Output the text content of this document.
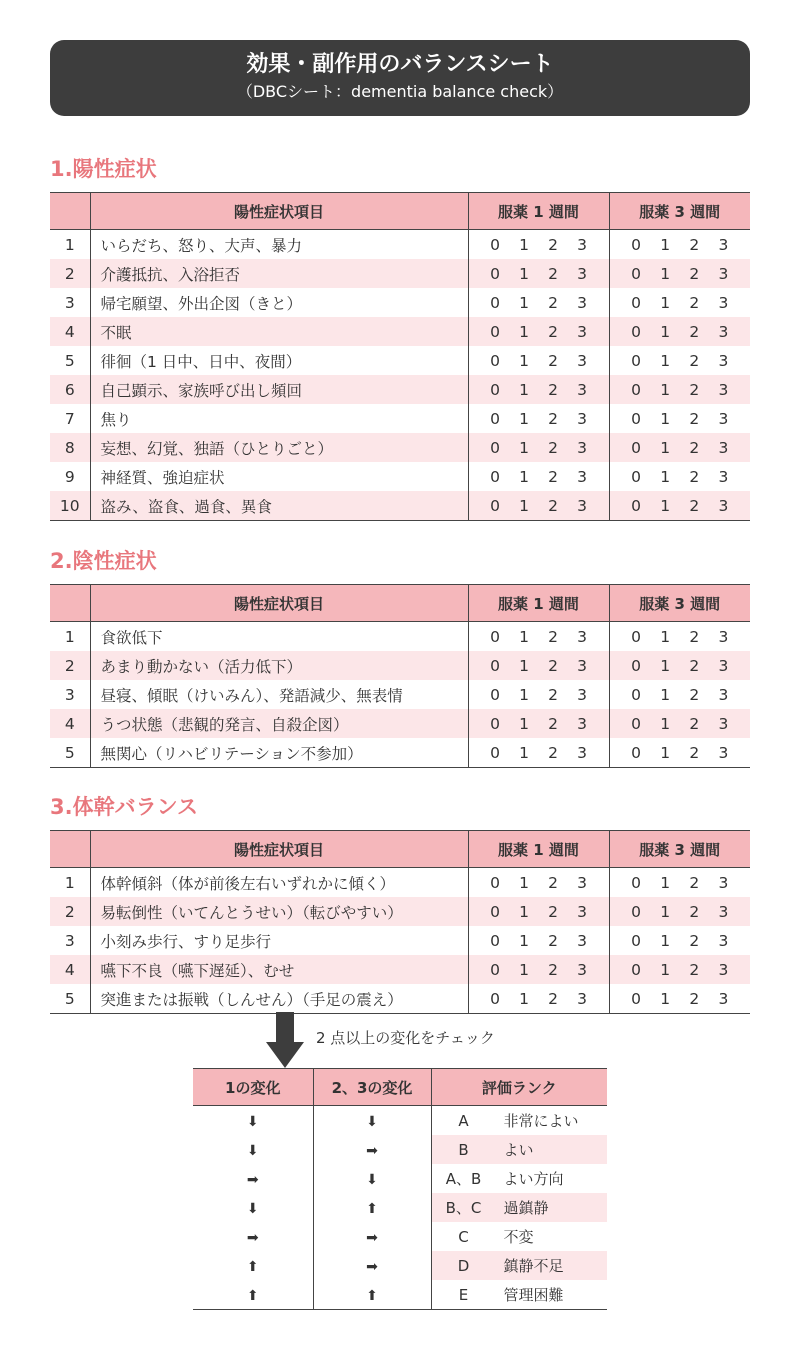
効果・副作用のバランスシート
（DBCシート：dementia balance check）
1.陽性症状
	陽性症状項目	服薬 1 週間	服薬 3 週間
1	いらだち、怒り、大声、暴力	0 1 2 3	0 1 2 3

2	介護抵抗、入浴拒否	0 1 2 3	0 1 2 3

3	帰宅願望、外出企図（きと）	0 1 2 3	0 1 2 3

4	不眠	0 1 2 3	0 1 2 3

5	徘徊（1 日中、日中、夜間）	0 1 2 3	0 1 2 3

6	自己顕示、家族呼び出し頻回	0 1 2 3	0 1 2 3

7	焦り	0 1 2 3	0 1 2 3

8	妄想、幻覚、独語（ひとりごと）	0 1 2 3	0 1 2 3

9	神経質、強迫症状	0 1 2 3	0 1 2 3

10	盗み、盗食、過食、異食	0 1 2 3	0 1 2 3
2.陰性症状
	陽性症状項目	服薬 1 週間	服薬 3 週間
1	食欲低下	0 1 2 3	0 1 2 3

2	あまり動かない（活力低下）	0 1 2 3	0 1 2 3

3	昼寝、傾眠（けいみん）、発語減少、無表情	0 1 2 3	0 1 2 3

4	うつ状態（悲観的発言、自殺企図）	0 1 2 3	0 1 2 3

5	無関心（リハビリテーション不参加）	0 1 2 3	0 1 2 3
3.体幹バランス
	陽性症状項目	服薬 1 週間	服薬 3 週間
1	体幹傾斜（体が前後左右いずれかに傾く）	0 1 2 3	0 1 2 3

2	易転倒性（いてんとうせい）（転びやすい）	0 1 2 3	0 1 2 3

3	小刻み歩行、すり足歩行	0 1 2 3	0 1 2 3

4	嚥下不良（嚥下遅延）、むせ	0 1 2 3	0 1 2 3

5	突進または振戦（しんせん）（手足の震え）	0 1 2 3	0 1 2 3
2 点以上の変化をチェック
1の変化	2、3の変化	評価ランク
⬇	⬇	A 非常によい

⬇	➡	B よい

➡	⬇	A、B よい方向

⬇	⬆	B、C 過鎮静

➡	➡	C 不変

⬆	➡	D 鎮静不足

⬆	⬆	E 管理困難
